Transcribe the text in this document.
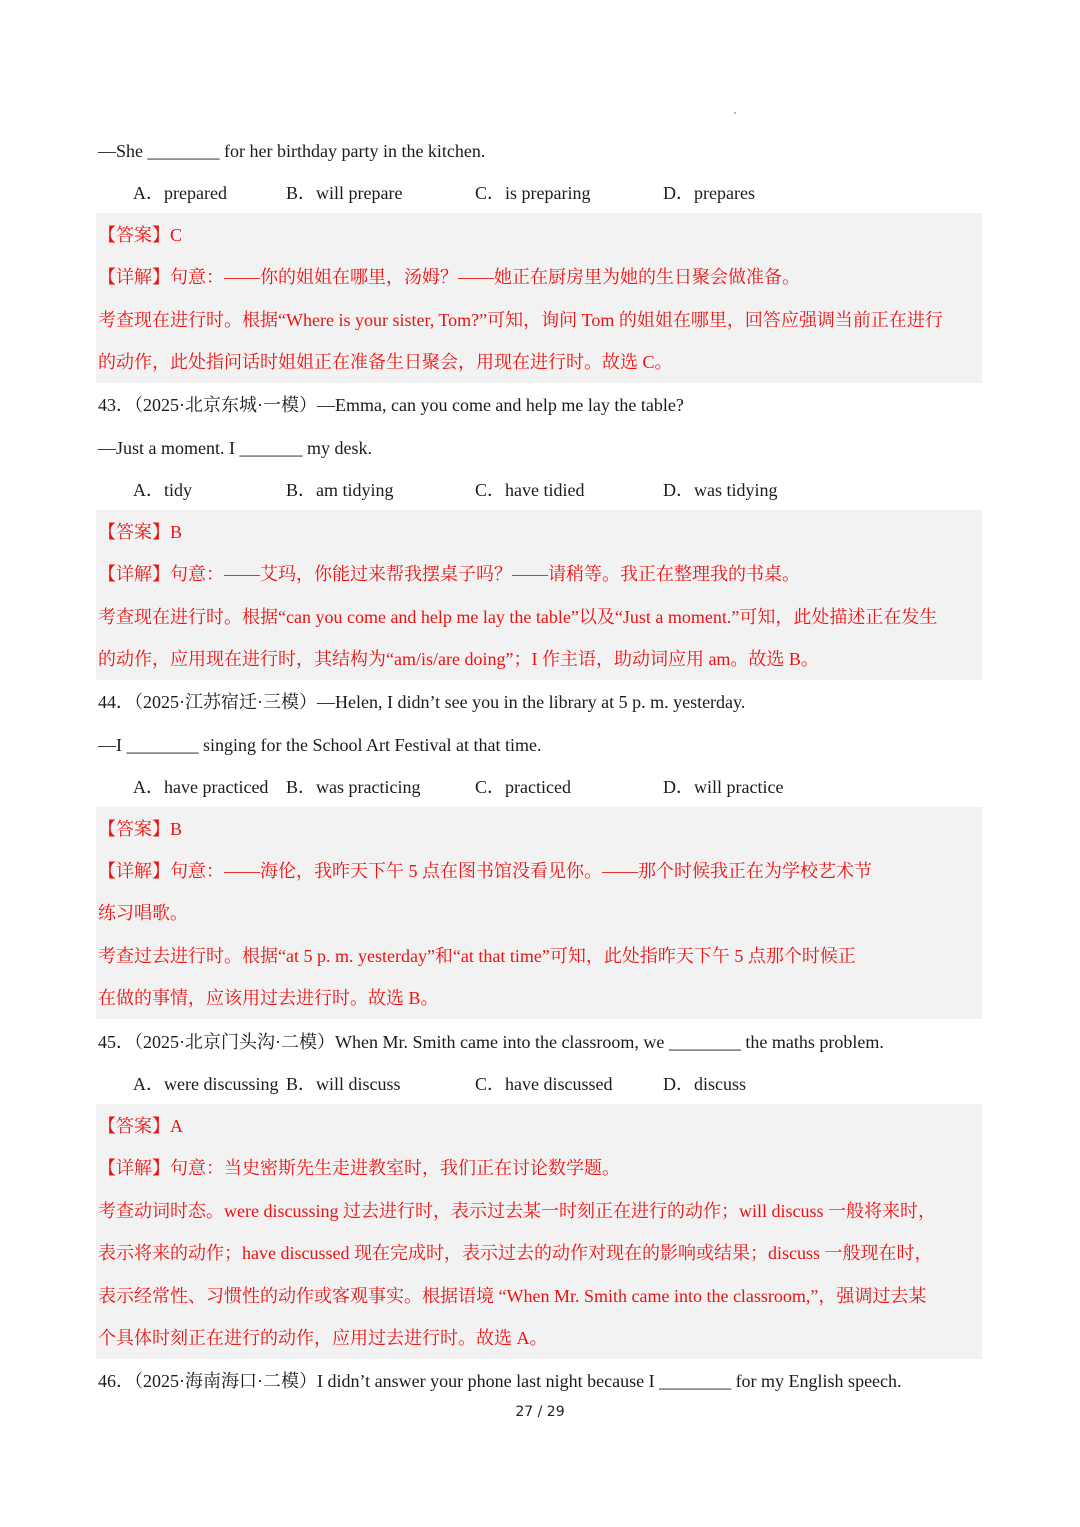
—She ________ for her birthday party in the kitchen.
A．prepared	B．will prepare	C．is preparing	D．prepares
【答案】C
【详解】句意：——你的姐姐在哪里，汤姆？——她正在厨房里为她的生日聚会做准备。
考查现在进行时。根据“Where is your sister, Tom?”可知，询问 Tom 的姐姐在哪里，回答应强调当前正在进行
的动作，此处指问话时姐姐正在准备生日聚会，用现在进行时。故选 C。
43．（2025·北京东城·一模）—Emma, can you come and help me lay the table?
—Just a moment. I _______ my desk.
A．tidy	B．am tidying	C．have tidied	D．was tidying
【答案】B
【详解】句意：——艾玛，你能过来帮我摆桌子吗？——请稍等。我正在整理我的书桌。
考查现在进行时。根据“can you come and help me lay the table”以及“Just a moment.”可知，此处描述正在发生
的动作，应用现在进行时，其结构为“am/is/are doing”；I 作主语，助动词应用 am。故选 B。
44．（2025·江苏宿迁·三模）—Helen, I didn’t see you in the library at 5 p. m. yesterday.
—I ________ singing for the School Art Festival at that time.
A．have practiced B．was practicing	C．practiced	D．will practice
【答案】B
【详解】句意：——海伦，我昨天下午 5 点在图书馆没看见你。——那个时候我正在为学校艺术节
练习唱歌。
考查过去进行时。根据“at 5 p. m. yesterday”和“at that time”可知，此处指昨天下午 5 点那个时候正
在做的事情，应该用过去进行时。故选 B。
45．（2025·北京门头沟·二模）When Mr. Smith came into the classroom, we ________ the maths problem.
A．were discussing B．will discuss	C．have discussed	D．discuss
【答案】A
【详解】句意：当史密斯先生走进教室时，我们正在讨论数学题。
考查动词时态。were discussing 过去进行时，表示过去某一时刻正在进行的动作；will discuss 一般将来时，
表示将来的动作；have discussed 现在完成时，表示过去的动作对现在的影响或结果；discuss 一般现在时，
表示经常性、习惯性的动作或客观事实。根据语境 “When Mr. Smith came into the classroom,”，强调过去某
个具体时刻正在进行的动作，应用过去进行时。故选 A。
46．（2025·海南海口·二模）I didn’t answer your phone last night because I ________ for my English speech.
27 / 29
